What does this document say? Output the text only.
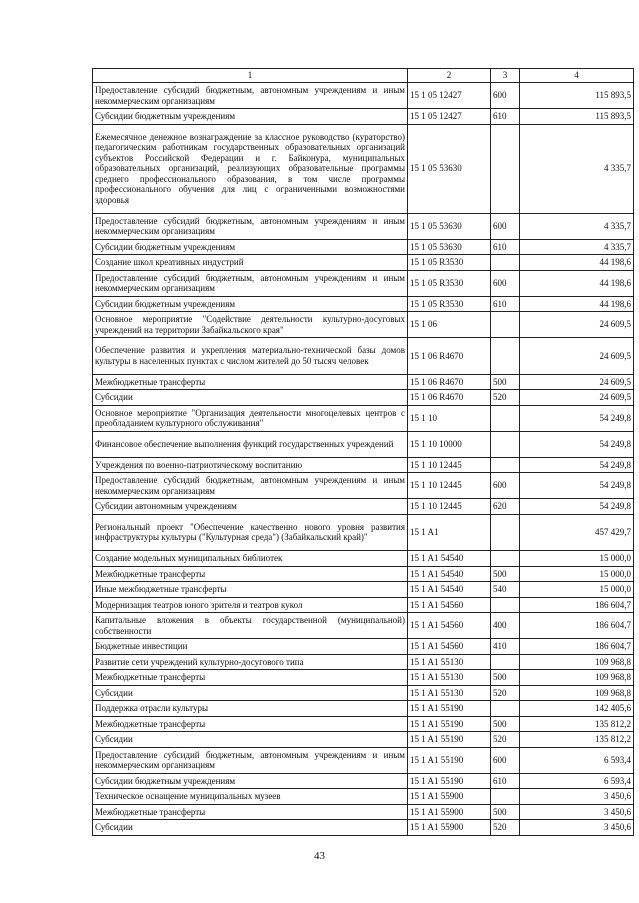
1	2	3	4
Предоставление субсидий бюджетным, автономным учреждениям и иным некоммерческим организациям	15 1 05 12427	600	115 893,5
Субсидии бюджетным учреждениям	15 1 05 12427	610	115 893,5
Ежемесячное денежное вознаграждение за классное руководство (кураторство) педагогическим работникам государственных образовательных организаций субъектов Российской Федерации и г. Байконура, муниципальных образовательных организаций, реализующих образовательные программы среднего профессионального образования, в том числе программы профессионального обучения для лиц с ограниченными возможностями здоровья	15 1 05 53630		4 335,7
Предоставление субсидий бюджетным, автономным учреждениям и иным некоммерческим организациям	15 1 05 53630	600	4 335,7
Субсидии бюджетным учреждениям	15 1 05 53630	610	4 335,7
Создание школ креативных индустрий	15 1 05 R3530		44 198,6
Предоставление субсидий бюджетным, автономным учреждениям и иным некоммерческим организациям	15 1 05 R3530	600	44 198,6
Субсидии бюджетным учреждениям	15 1 05 R3530	610	44 198,6
Основное мероприятие "Содействие деятельности культурно-досуговых учреждений на территории Забайкальского края"	15 1 06		24 609,5
Обеспечение развития и укрепления материально-технической базы домов культуры в населенных пунктах с числом жителей до 50 тысяч человек	15 1 06 R4670		24 609,5
Межбюджетные трансферты	15 1 06 R4670	500	24 609,5
Субсидии	15 1 06 R4670	520	24 609,5
Основное мероприятие "Организация деятельности многоцелевых центров с преобладанием культурного обслуживания"	15 1 10		54 249,8
Финансовое обеспечение выполнения функций государственных учреждений	15 1 10 10000		54 249,8
Учреждения по военно-патриотическому воспитанию	15 1 10 12445		54 249,8
Предоставление субсидий бюджетным, автономным учреждениям и иным некоммерческим организациям	15 1 10 12445	600	54 249,8
Субсидии автономным учреждениям	15 1 10 12445	620	54 249,8
Региональный проект "Обеспечение качественно нового уровня развития инфраструктуры культуры ("Культурная среда") (Забайкальский край)"	15 1 A1		457 429,7
Создание модельных муниципальных библиотек	15 1 A1 54540		15 000,0
Межбюджетные трансферты	15 1 A1 54540	500	15 000,0
Иные межбюджетные трансферты	15 1 A1 54540	540	15 000,0
Модернизация театров юного зрителя и театров кукол	15 1 A1 54560		186 604,7
Капитальные вложения в объекты государственной (муниципальной) собственности	15 1 A1 54560	400	186 604,7
Бюджетные инвестиции	15 1 A1 54560	410	186 604,7
Развитие сети учреждений культурно-досугового типа	15 1 A1 55130		109 968,8
Межбюджетные трансферты	15 1 A1 55130	500	109 968,8
Субсидии	15 1 A1 55130	520	109 968,8
Поддержка отрасли культуры	15 1 A1 55190		142 405,6
Межбюджетные трансферты	15 1 A1 55190	500	135 812,2
Субсидии	15 1 A1 55190	520	135 812,2
Предоставление субсидий бюджетным, автономным учреждениям и иным некоммерческим организациям	15 1 A1 55190	600	6 593,4
Субсидии бюджетным учреждениям	15 1 A1 55190	610	6 593,4
Техническое оснащение муниципальных музеев	15 1 A1 55900		3 450,6
Межбюджетные трансферты	15 1 A1 55900	500	3 450,6
Субсидии	15 1 A1 55900	520	3 450,6
43
